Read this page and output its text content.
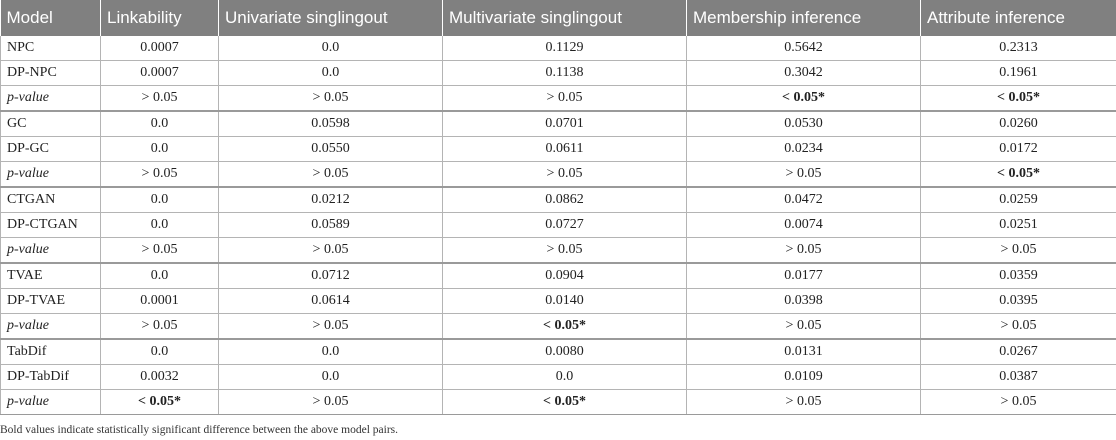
Model	Linkability	Univariate singlingout	Multivariate singlingout	Membership inference	Attribute inference
NPC	0.0007	0.0	0.1129	0.5642	0.2313
DP-NPC	0.0007	0.0	0.1138	0.3042	0.1961
p-value	> 0.05	> 0.05	> 0.05	< 0.05*	< 0.05*
GC	0.0	0.0598	0.0701	0.0530	0.0260
DP-GC	0.0	0.0550	0.0611	0.0234	0.0172
p-value	> 0.05	> 0.05	> 0.05	> 0.05	< 0.05*
CTGAN	0.0	0.0212	0.0862	0.0472	0.0259
DP-CTGAN	0.0	0.0589	0.0727	0.0074	0.0251
p-value	> 0.05	> 0.05	> 0.05	> 0.05	> 0.05
TVAE	0.0	0.0712	0.0904	0.0177	0.0359
DP-TVAE	0.0001	0.0614	0.0140	0.0398	0.0395
p-value	> 0.05	> 0.05	< 0.05*	> 0.05	> 0.05
TabDif	0.0	0.0	0.0080	0.0131	0.0267
DP-TabDif	0.0032	0.0	0.0	0.0109	0.0387
p-value	< 0.05*	> 0.05	< 0.05*	> 0.05	> 0.05
Bold values indicate statistically significant difference between the above model pairs.
